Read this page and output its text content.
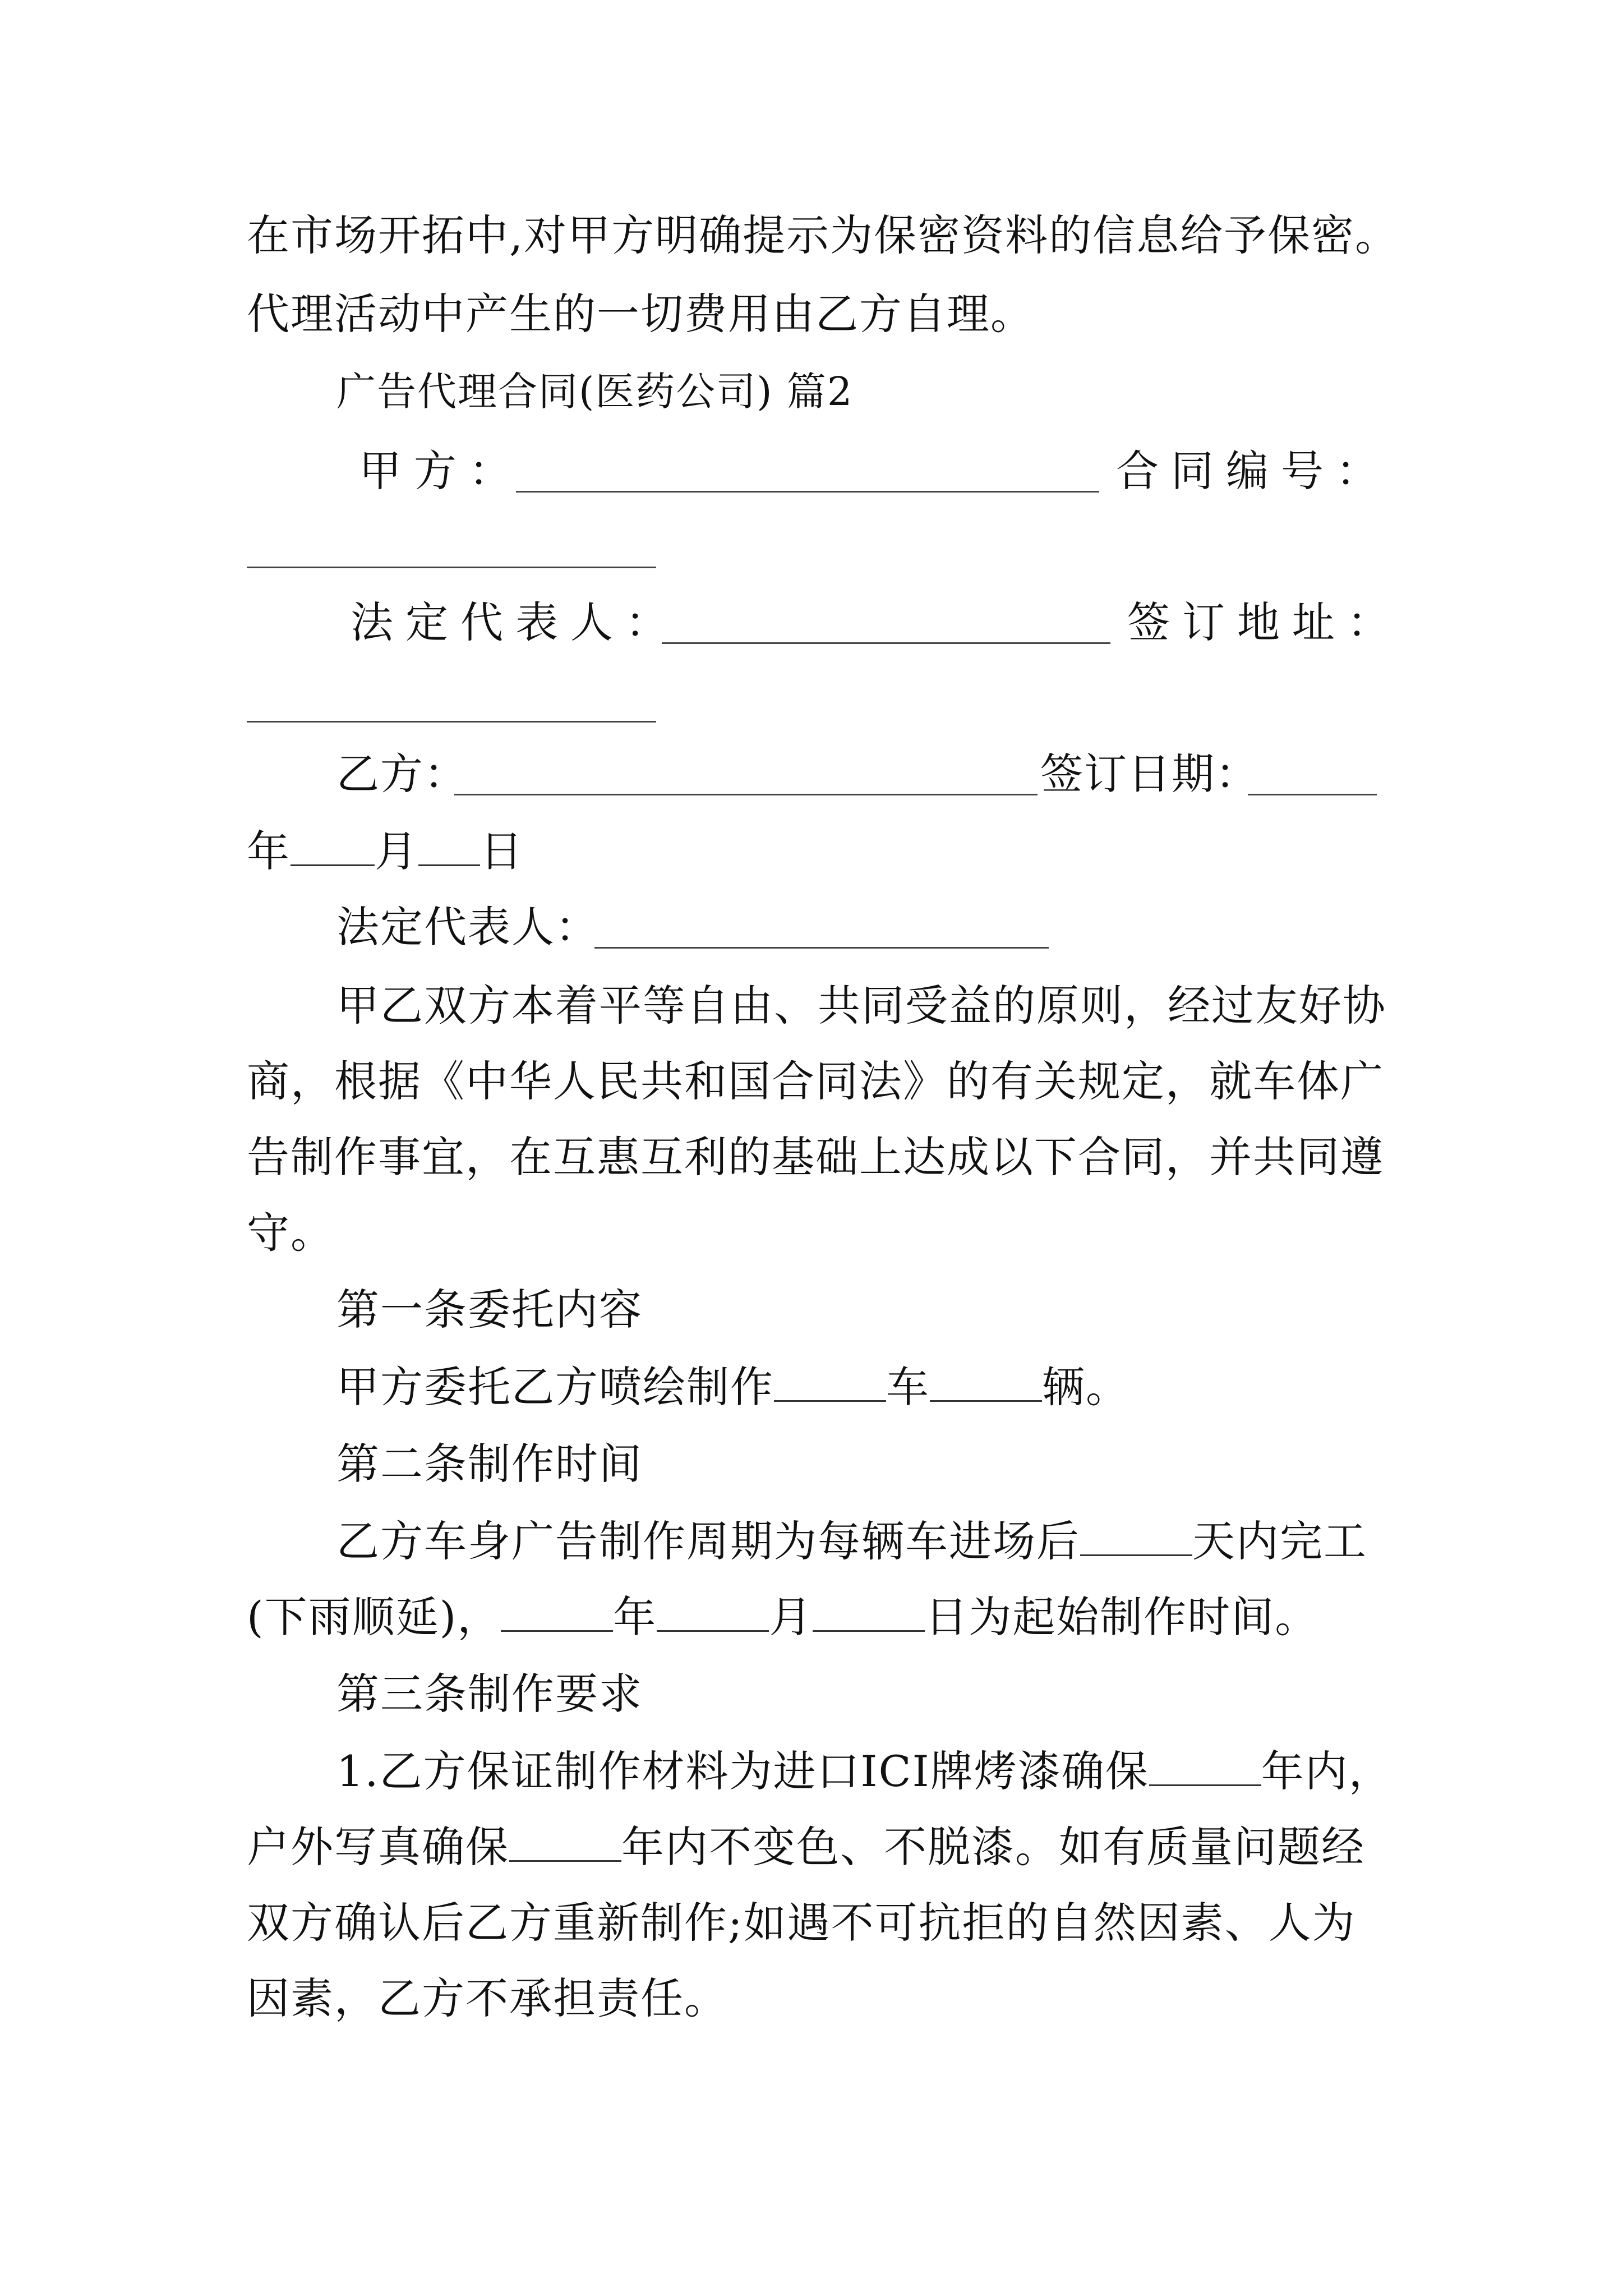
在市场开拓中,对甲方明确提示为保密资料的信息给予保密。
代理活动中产生的一切费用由乙方自理。
广告代理合同(医药公司) 篇2
甲方：	合同编号：
法定代表人：	签订地址：
乙方：	签订日期：
年 月 日
法定代表人：
甲乙双方本着平等自由、共同受益的原则，经过友好协
商，根据《中华人民共和国合同法》的有关规定，就车体广
告制作事宜，在互惠互利的基础上达成以下合同，并共同遵
守。
第一条委托内容
甲方委托乙方喷绘制作	车	辆。
第二条制作时间
乙方车身广告制作周期为每辆车进场后	天内完工
(下雨顺延)，	年	月	日为起始制作时间。
第三条制作要求
1.乙方保证制作材料为进口ICI牌烤漆确保	年内，
户外写真确保	年内不变色、不脱漆。如有质量问题经
双方确认后乙方重新制作;如遇不可抗拒的自然因素、人为
因素，乙方不承担责任。
